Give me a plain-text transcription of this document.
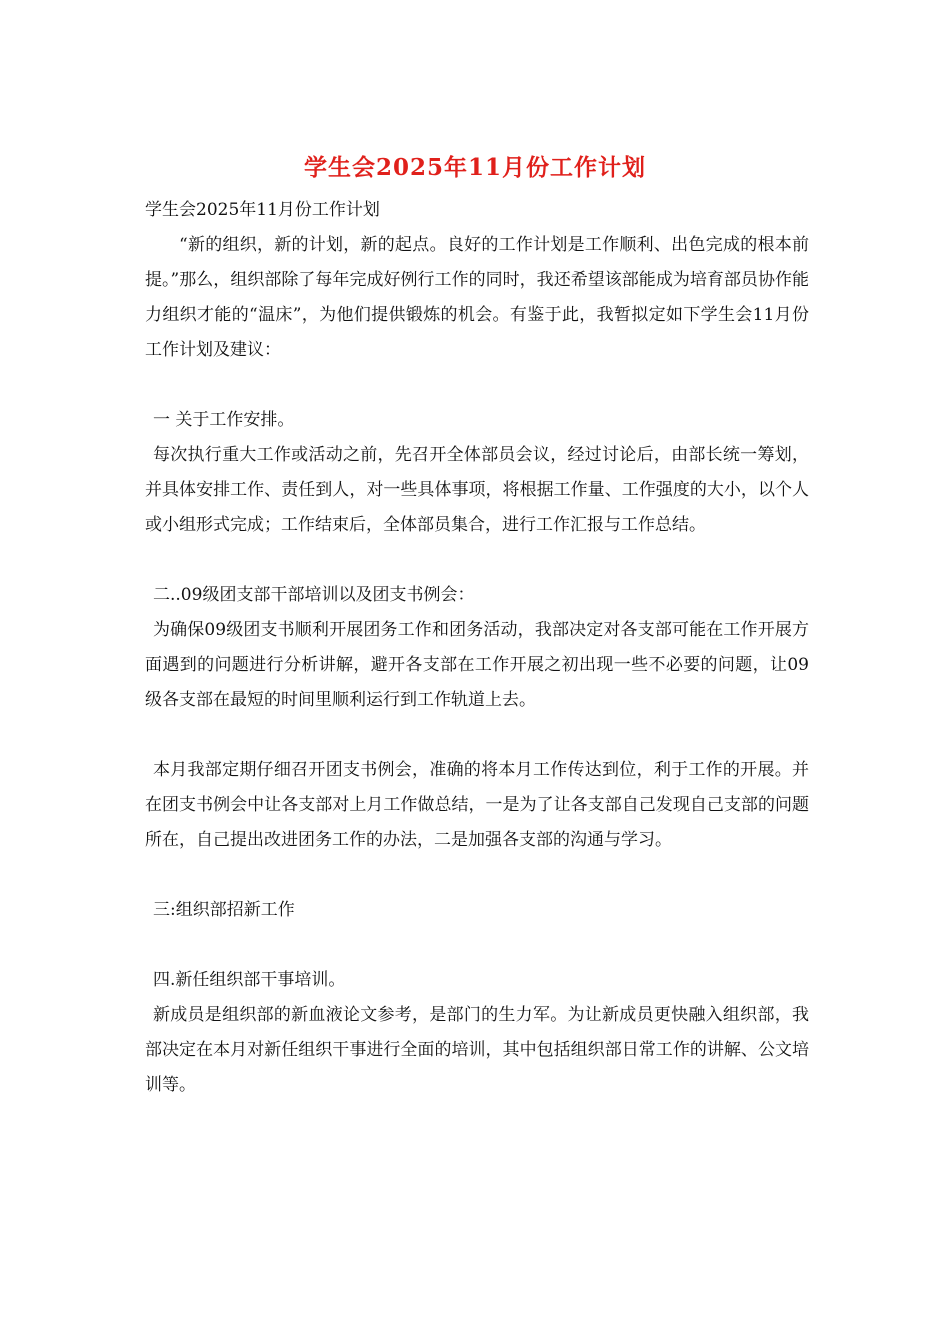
学生会2025年11月份工作计划

学生会2025年11月份工作计划

“新的组织，新的计划，新的起点。良好的工作计划是工作顺利、出色完成的根本前提。”那么，组织部除了每年完成好例行工作的同时，我还希望该部能成为培育部员协作能力组织才能的“温床”，为他们提供锻炼的机会。有鉴于此，我暂拟定如下学生会11月份工作计划及建议：

一 关于工作安排。

每次执行重大工作或活动之前，先召开全体部员会议，经过讨论后，由部长统一筹划，并具体安排工作、责任到人，对一些具体事项，将根据工作量、工作强度的大小，以个人或小组形式完成；工作结束后，全体部员集合，进行工作汇报与工作总结。

二..09级团支部干部培训以及团支书例会：

为确保09级团支书顺利开展团务工作和团务活动，我部决定对各支部可能在工作开展方面遇到的问题进行分析讲解，避开各支部在工作开展之初出现一些不必要的问题，让09级各支部在最短的时间里顺利运行到工作轨道上去。

本月我部定期仔细召开团支书例会，准确的将本月工作传达到位，利于工作的开展。并在团支书例会中让各支部对上月工作做总结，一是为了让各支部自己发现自己支部的问题所在，自己提出改进团务工作的办法，二是加强各支部的沟通与学习。

三:组织部招新工作

四.新任组织部干事培训。

新成员是组织部的新血液论文参考，是部门的生力军。为让新成员更快融入组织部，我部决定在本月对新任组织干事进行全面的培训，其中包括组织部日常工作的讲解、公文培训等。
